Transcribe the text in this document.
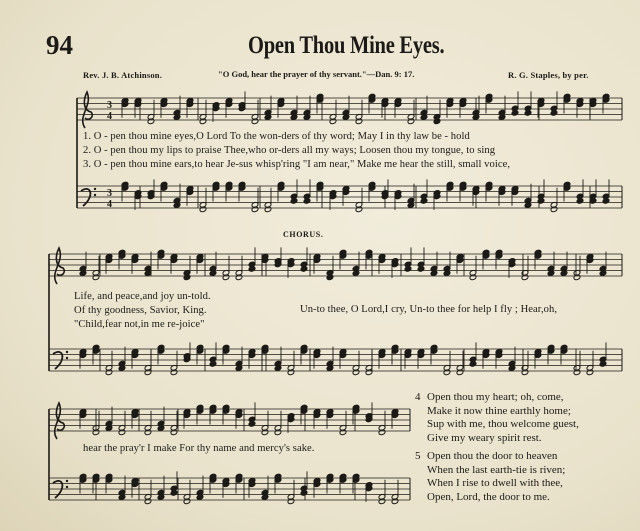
94	Open Thou Mine Eyes.
Rev. J. B. Atchinson.	"O God, hear the prayer of thy servant."—Dan. 9: 17.	R. G. Staples, by per.
3
4
3
4
1. O - pen thou mine eyes,O Lord To the won-ders of thy word; May I in thy law be - hold
2. O - pen thou my lips to praise Thee,who or-ders all my ways; Loosen thou my tongue, to sing
3. O - pen thou mine ears,to hear Je-sus whisp'ring "I am near," Make me hear the still, small voice,
CHORUS.
Life, and peace,and joy un-told.
Of thy goodness, Savior, King.
"Child,fear not,in me re-joice"
Un-to thee, O Lord,I cry, Un-to thee for help I fly ; Hear,oh,
hear the pray'r I make For thy name and mercy's sake.
4 Open thou my heart; oh, come,
Make it now thine earthly home;
Sup with me, thou welcome guest,
Give my weary spirit rest.
5 Open thou the door to heaven
When the last earth-tie is riven;
When I rise to dwell with thee,
Open, Lord, the door to me.
